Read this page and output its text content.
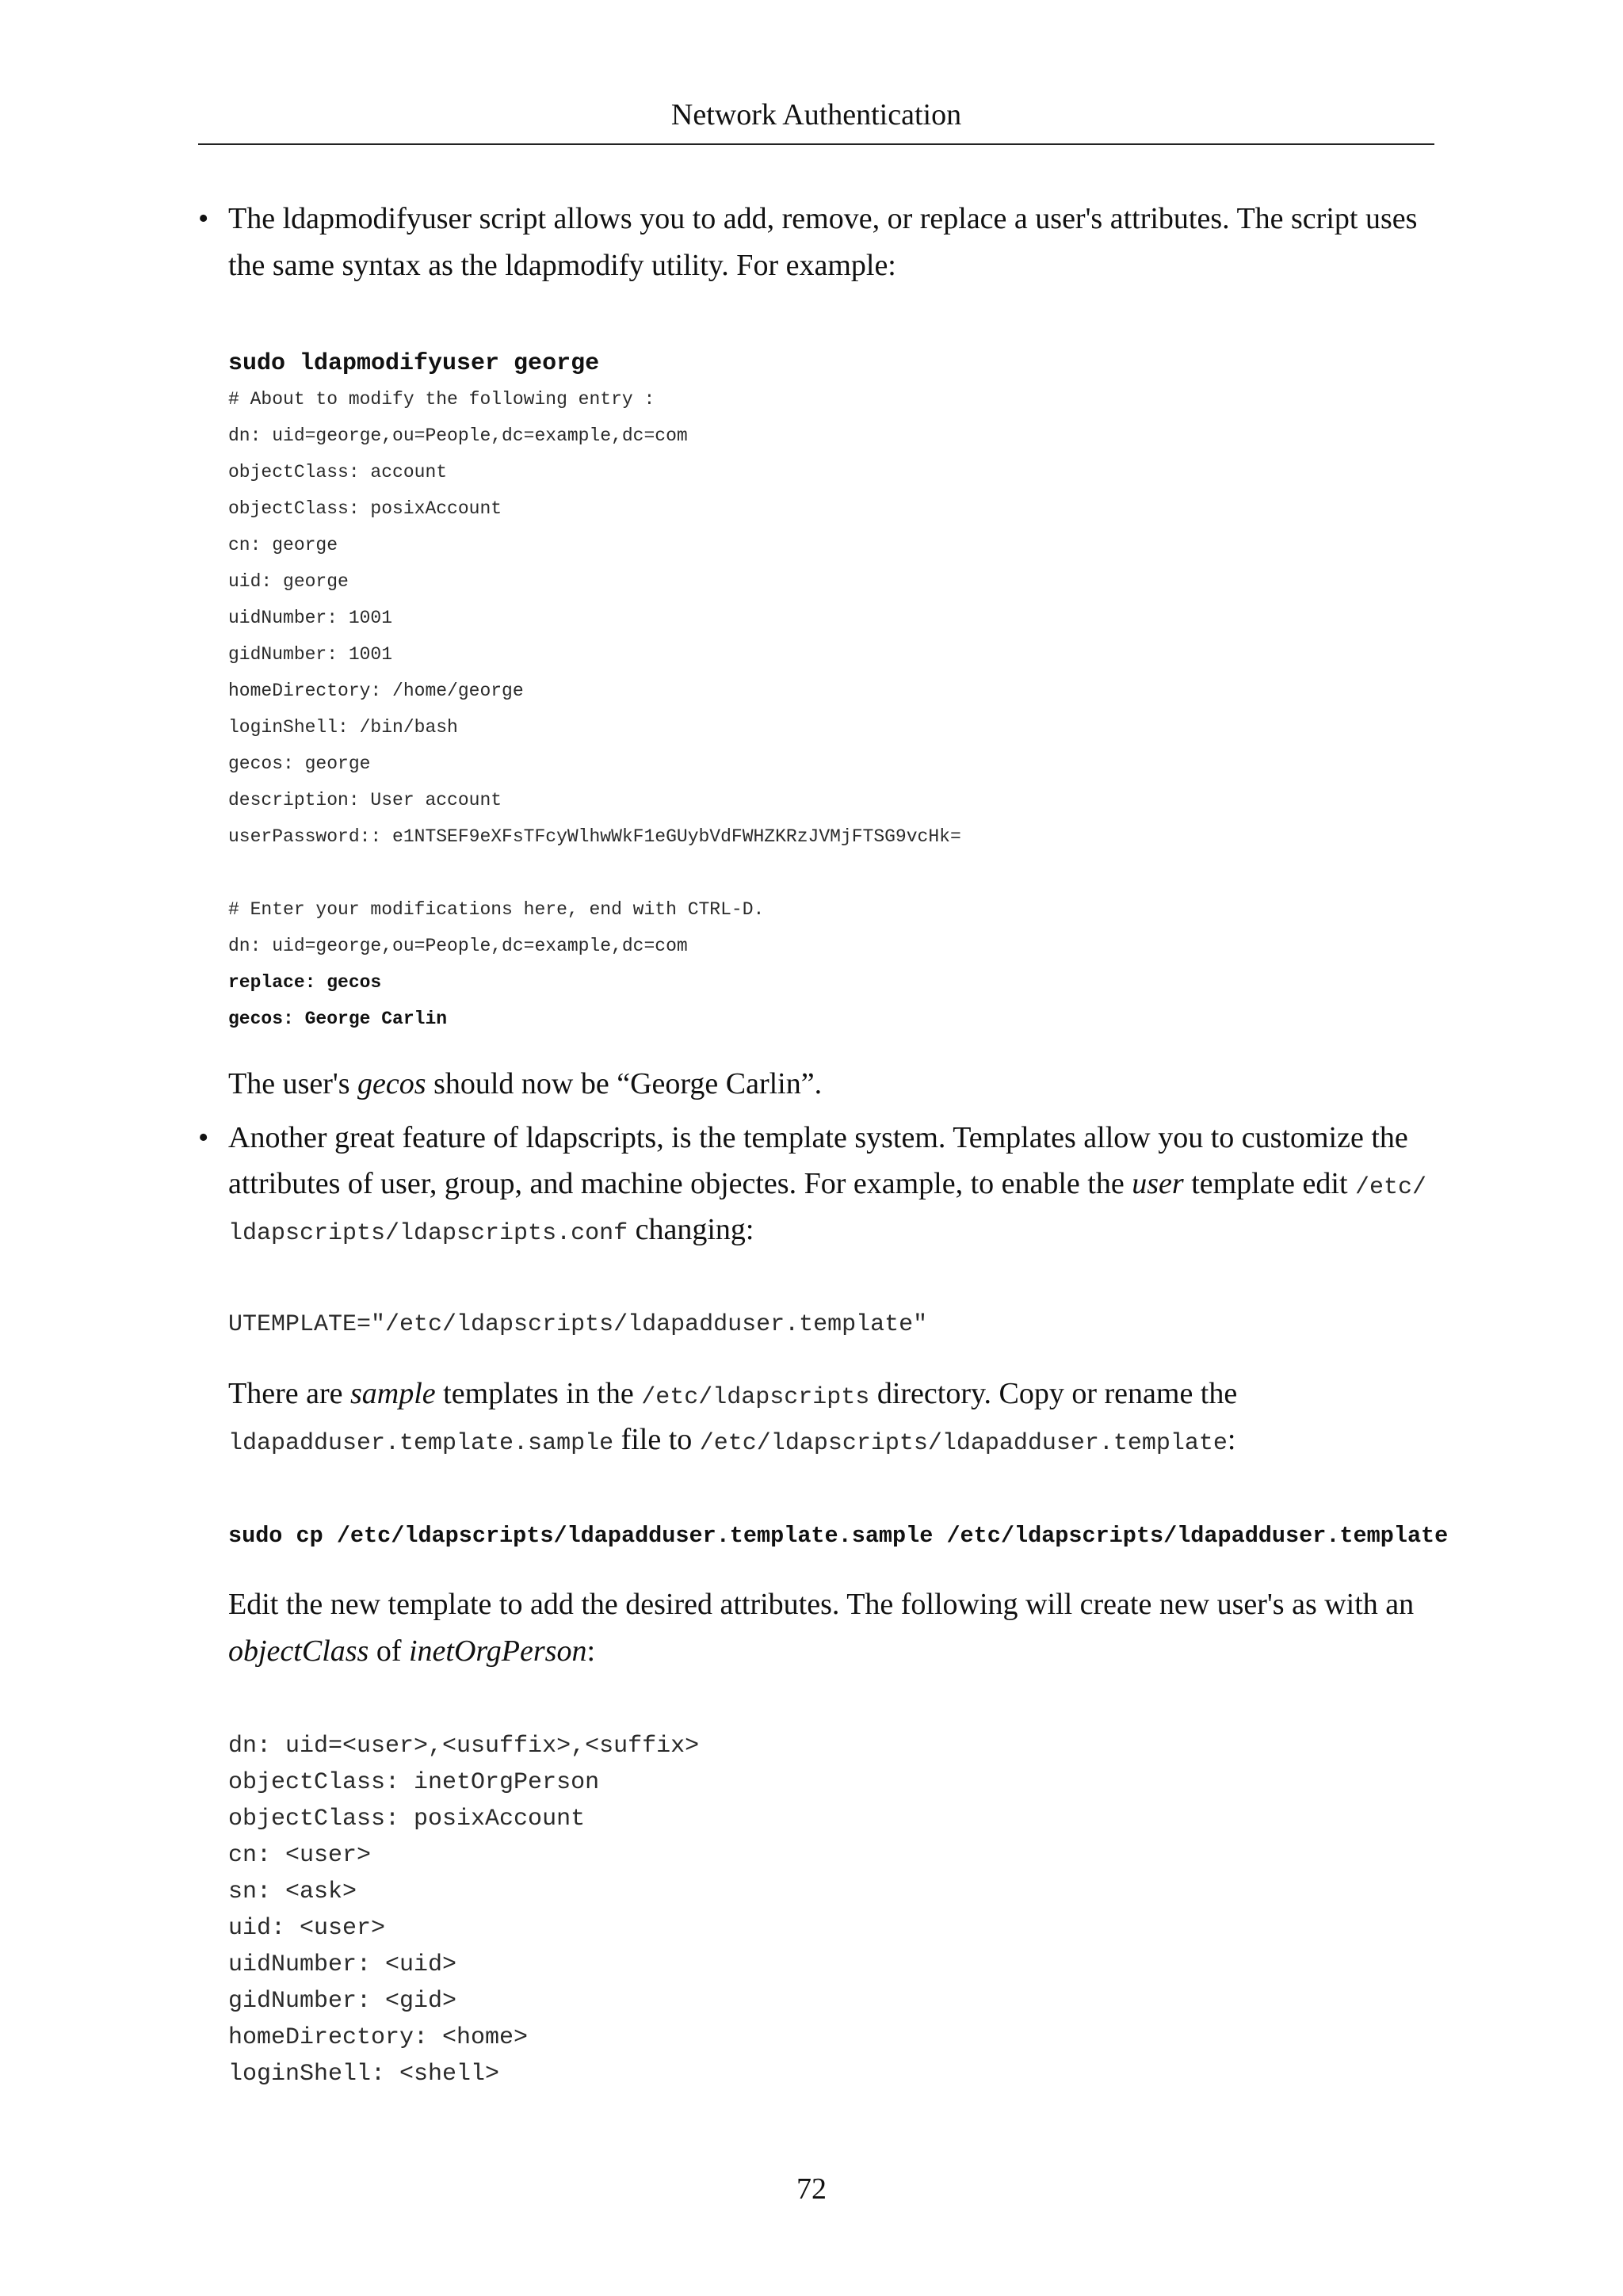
Network Authentication
• The ldapmodifyuser script allows you to add, remove, or replace a user's attributes. The script uses
the same syntax as the ldapmodify utility. For example:
sudo ldapmodifyuser george
# About to modify the following entry :
dn: uid=george,ou=People,dc=example,dc=com
objectClass: account
objectClass: posixAccount
cn: george
uid: george
uidNumber: 1001
gidNumber: 1001
homeDirectory: /home/george
loginShell: /bin/bash
gecos: george
description: User account
userPassword:: e1NTSEF9eXFsTFcyWlhwWkF1eGUybVdFWHZKRzJVMjFTSG9vcHk=
# Enter your modifications here, end with CTRL-D.
dn: uid=george,ou=People,dc=example,dc=com
replace: gecos
gecos: George Carlin
The user's gecos should now be “George Carlin”.
• Another great feature of ldapscripts, is the template system. Templates allow you to customize the
attributes of user, group, and machine objectes. For example, to enable the user template edit /etc/
ldapscripts/ldapscripts.conf changing:
UTEMPLATE="/etc/ldapscripts/ldapadduser.template"
There are sample templates in the /etc/ldapscripts directory. Copy or rename the
ldapadduser.template.sample file to /etc/ldapscripts/ldapadduser.template:
sudo cp /etc/ldapscripts/ldapadduser.template.sample /etc/ldapscripts/ldapadduser.template
Edit the new template to add the desired attributes. The following will create new user's as with an
objectClass of inetOrgPerson:
dn: uid=<user>,<usuffix>,<suffix>
objectClass: inetOrgPerson
objectClass: posixAccount
cn: <user>
sn: <ask>
uid: <user>
uidNumber: <uid>
gidNumber: <gid>
homeDirectory: <home>
loginShell: <shell>
72
